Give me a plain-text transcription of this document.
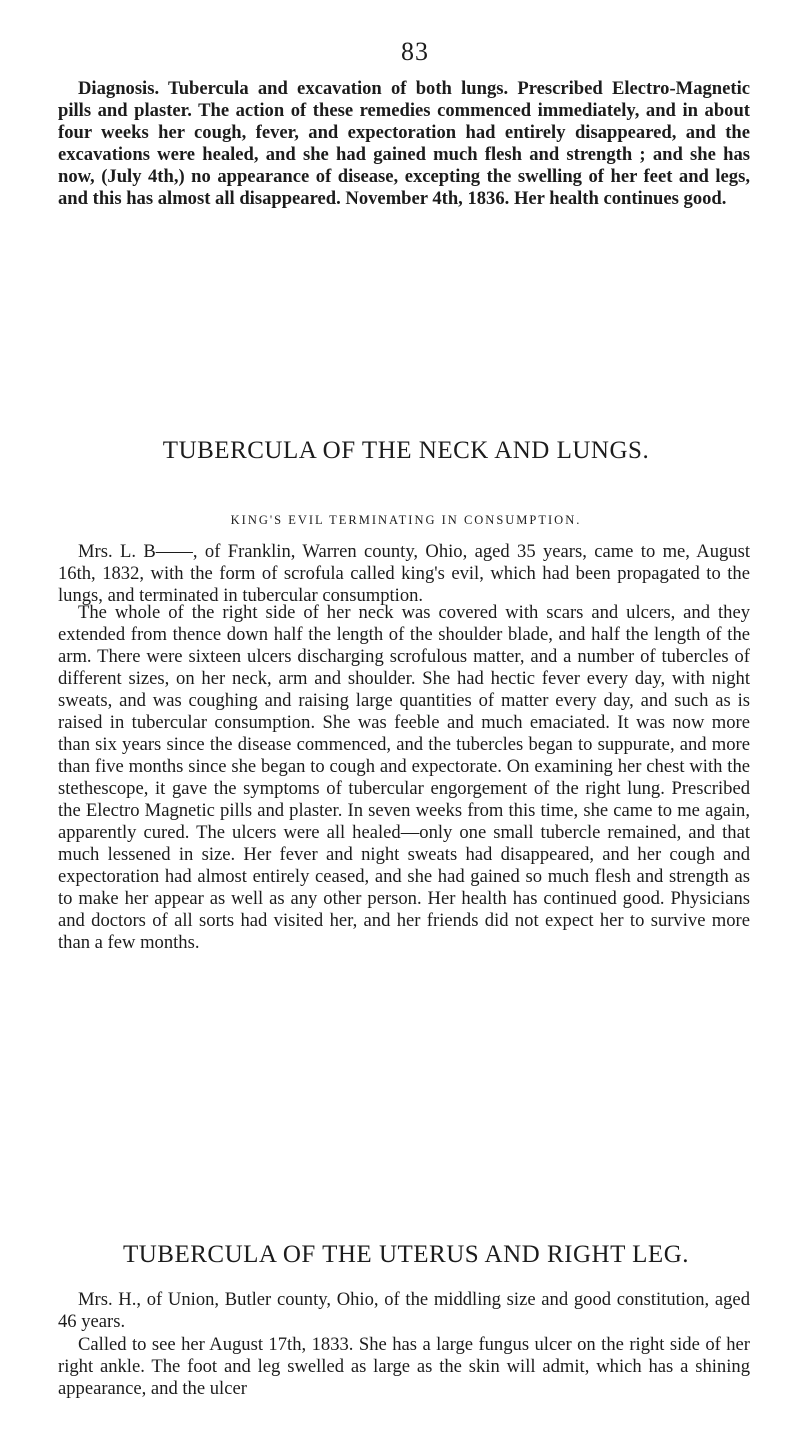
83

Diagnosis. Tubercula and excavation of both lungs. Prescribed Electro-Magnetic pills and plaster. The action of these remedies commenced immediately, and in about four weeks her cough, fever, and expectoration had entirely disappeared, and the excavations were healed, and she had gained much flesh and strength ; and she has now, (July 4th,) no appearance of disease, excepting the swelling of her feet and legs, and this has almost all disappeared. November 4th, 1836. Her health continues good.

TUBERCULA OF THE NECK AND LUNGS.
KING'S EVIL TERMINATING IN CONSUMPTION.

Mrs. L. B——, of Franklin, Warren county, Ohio, aged 35 years, came to me, August 16th, 1832, with the form of scrofula called king's evil, which had been propagated to the lungs, and terminated in tubercular consumption.

The whole of the right side of her neck was covered with scars and ulcers, and they extended from thence down half the length of the shoulder blade, and half the length of the arm. There were sixteen ulcers discharging scrofulous matter, and a number of tubercles of different sizes, on her neck, arm and shoulder. She had hectic fever every day, with night sweats, and was coughing and raising large quantities of matter every day, and such as is raised in tubercular consumption. She was feeble and much emaciated. It was now more than six years since the disease commenced, and the tubercles began to suppurate, and more than five months since she began to cough and expectorate. On examining her chest with the stethescope, it gave the symptoms of tubercular engorgement of the right lung. Prescribed the Electro Magnetic pills and plaster. In seven weeks from this time, she came to me again, apparently cured. The ulcers were all healed—only one small tubercle remained, and that much lessened in size. Her fever and night sweats had disappeared, and her cough and expectoration had almost entirely ceased, and she had gained so much flesh and strength as to make her appear as well as any other person. Her health has continued good. Physicians and doctors of all sorts had visited her, and her friends did not expect her to survive more than a few months.

TUBERCULA OF THE UTERUS AND RIGHT LEG.

Mrs. H., of Union, Butler county, Ohio, of the middling size and good constitution, aged 46 years.

Called to see her August 17th, 1833. She has a large fungus ulcer on the right side of her right ankle. The foot and leg swelled as large as the skin will admit, which has a shining appearance, and the ulcer
